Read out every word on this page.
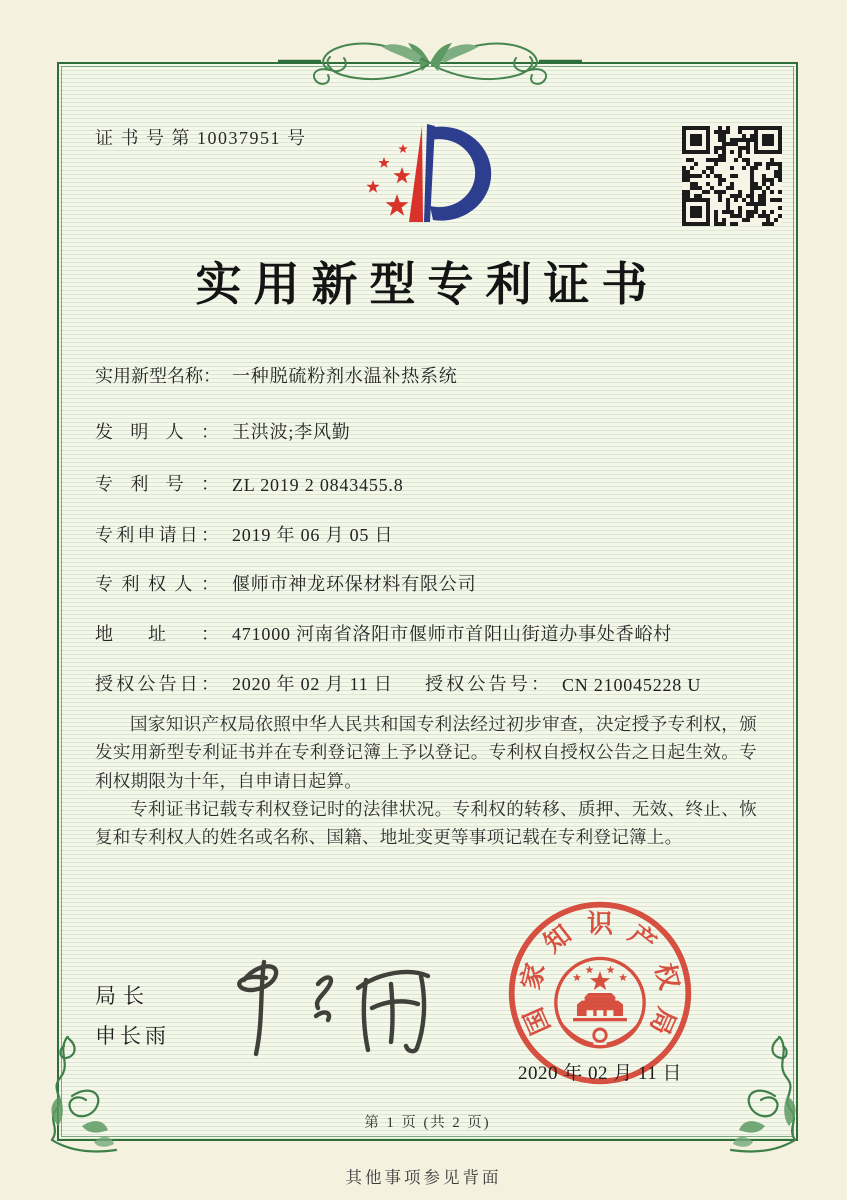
证 书 号 第 10037951 号
实用新型专利证书
实用新型名称： 一种脱硫粉剂水温补热系统
发明人： 王洪波;李风勤
专利号： ZL 2019 2 0843455.8
专利申请日： 2019 年 06 月 05 日
专利权人： 偃师市神龙环保材料有限公司
地址： 471000 河南省洛阳市偃师市首阳山街道办事处香峪村
授权公告日： 2020 年 02 月 11 日	授权公告号： CN 210045228 U

国家知识产权局依照中华人民共和国专利法经过初步审查，决定授予专利权，颁发实用新型专利证书并在专利登记簿上予以登记。专利权自授权公告之日起生效。专利权期限为十年，自申请日起算。

专利证书记载专利权登记时的法律状况。专利权的转移、质押、无效、终止、恢复和专利权人的姓名或名称、国籍、地址变更等事项记载在专利登记簿上。

局长
申长雨	国
家
知 识 产
权
局
2020 年 02 月 11 日
第 1 页 (共 2 页)
其他事项参见背面
